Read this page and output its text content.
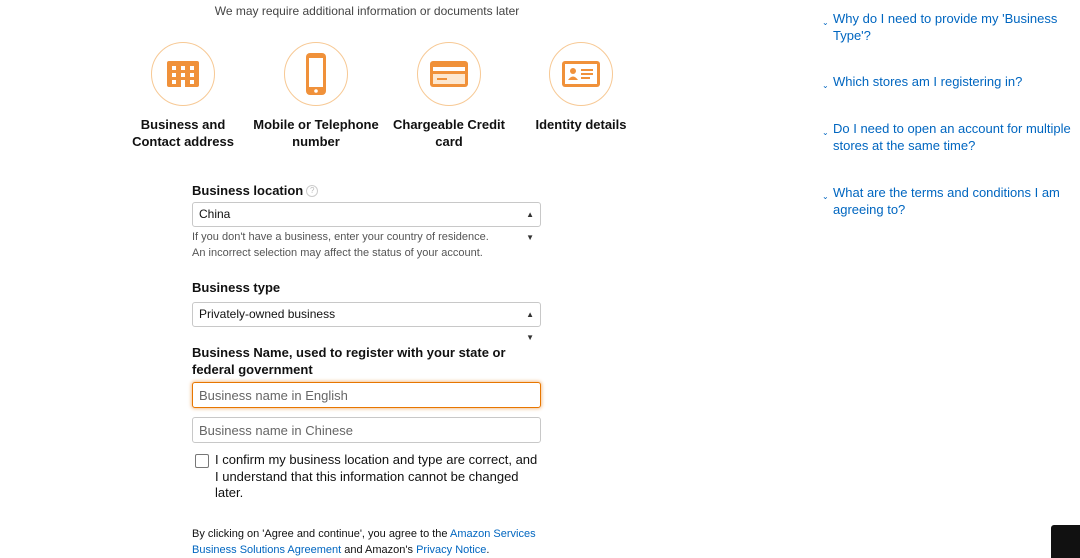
We may require additional information or documents later
Business and
Contact address
Mobile or Telephone
number
Chargeable Credit
card
Identity details
Business location ?
China	▲
▼
If you don't have a business, enter your country of residence.
An incorrect selection may affect the status of your account.
Business type
Privately-owned business	▲
▼
Business Name, used to register with your state or federal government
Business name in English
Business name in Chinese
I confirm my business location and type are correct, and I understand that this information cannot be changed later.
By clicking on 'Agree and continue', you agree to the Amazon Services Business Solutions Agreement and Amazon's Privacy Notice.
⌄ Why do I need to provide my 'Business Type'?
⌄ Which stores am I registering in?
⌄ Do I need to open an account for multiple stores at the same time?
⌄ What are the terms and conditions I am agreeing to?
